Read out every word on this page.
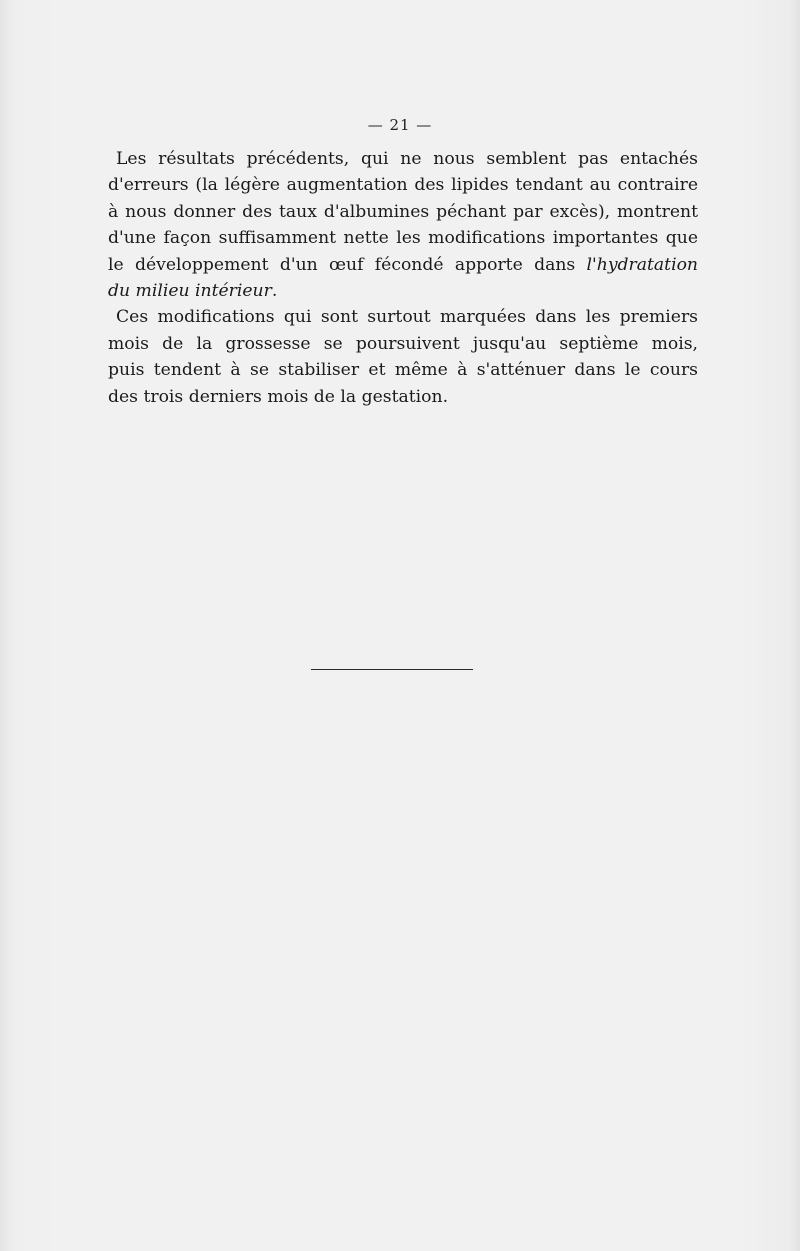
— 21 —
Les résultats précédents, qui ne nous semblent pas entachés
d'erreurs (la légère augmentation des lipides tendant au contraire
à nous donner des taux d'albumines péchant par excès), montrent
d'une façon suffisamment nette les modifications importantes que
le développement d'un œuf fécondé apporte dans l'hydratation
du milieu intérieur.
Ces modifications qui sont surtout marquées dans les premiers
mois de la grossesse se poursuivent jusqu'au septième mois,
puis tendent à se stabiliser et même à s'atténuer dans le cours
des trois derniers mois de la gestation.
